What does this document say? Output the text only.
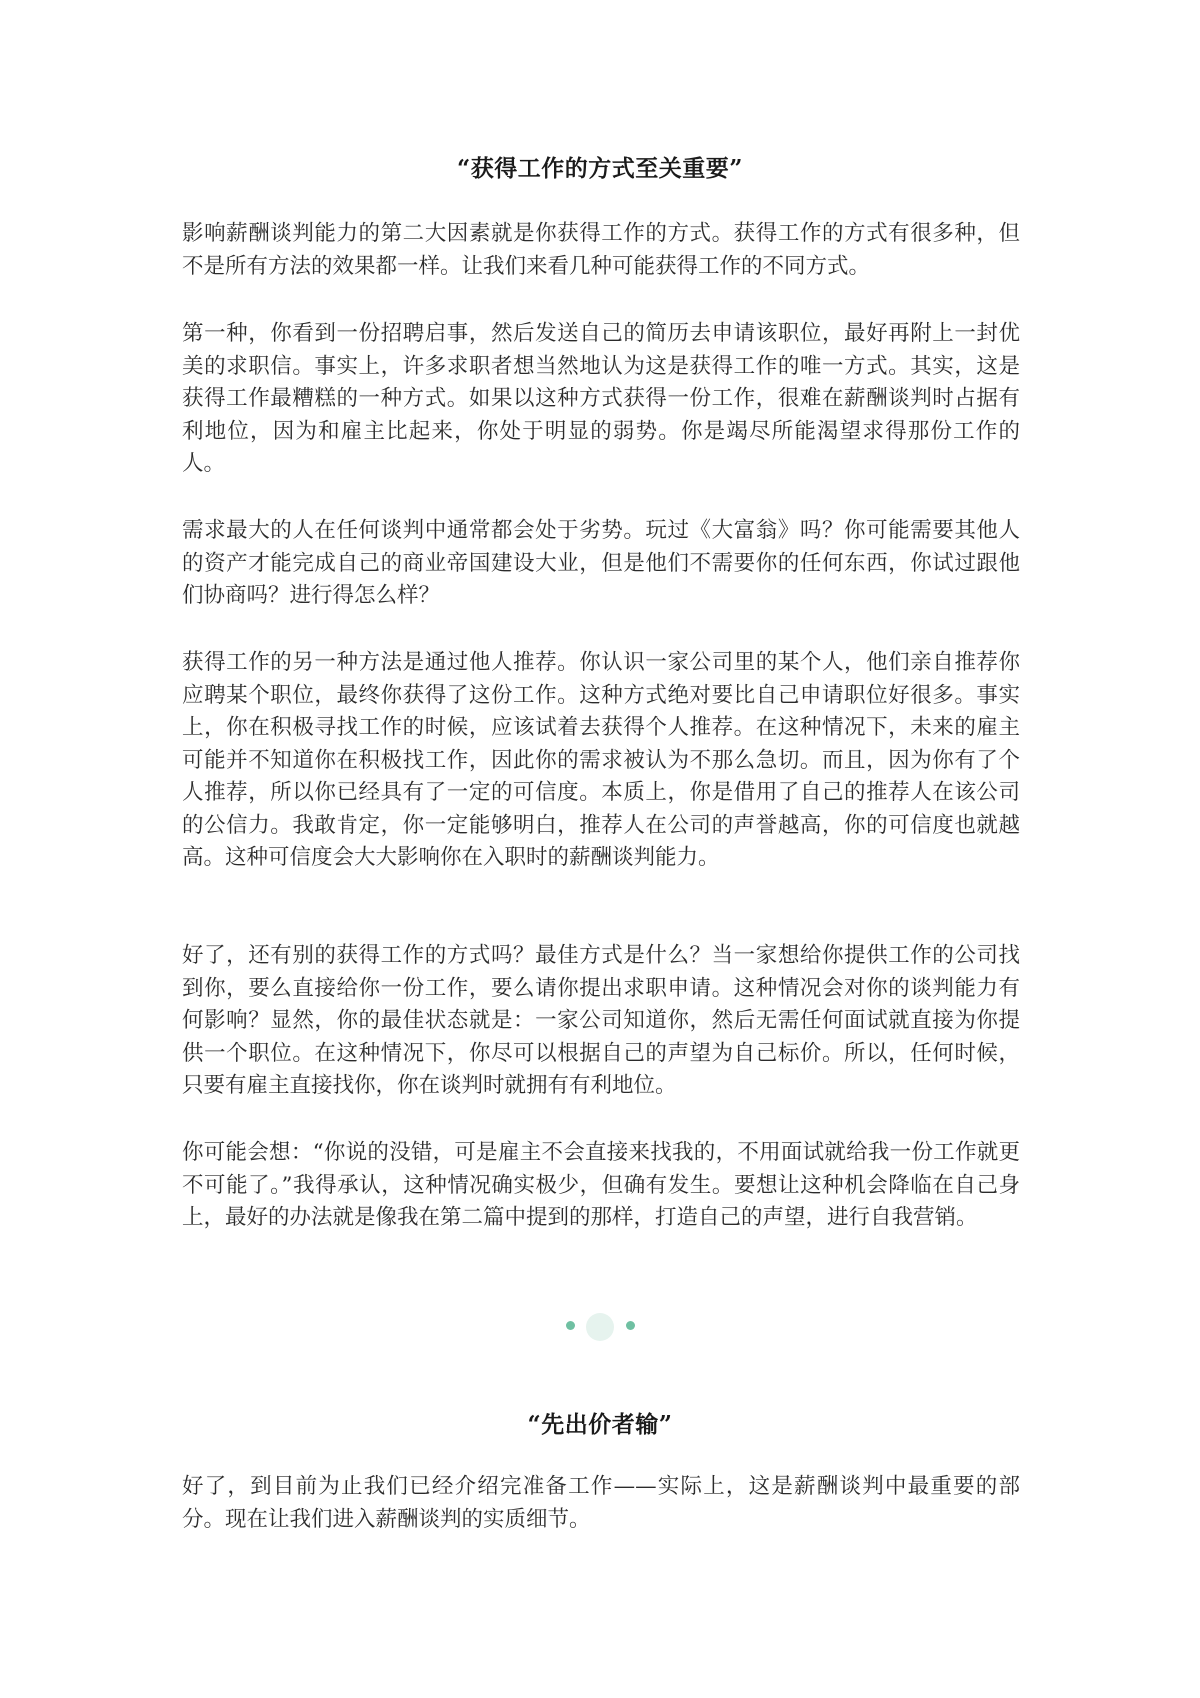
“获得工作的方式至关重要”

影响薪酬谈判能力的第二大因素就是你获得工作的方式。获得工作的方式有很多种，但不是所有方法的效果都一样。让我们来看几种可能获得工作的不同方式。

第一种，你看到一份招聘启事，然后发送自己的简历去申请该职位，最好再附上一封优美的求职信。事实上，许多求职者想当然地认为这是获得工作的唯一方式。其实，这是获得工作最糟糕的一种方式。如果以这种方式获得一份工作，很难在薪酬谈判时占据有利地位，因为和雇主比起来，你处于明显的弱势。你是竭尽所能渴望求得那份工作的人。

需求最大的人在任何谈判中通常都会处于劣势。玩过《大富翁》吗？你可能需要其他人的资产才能完成自己的商业帝国建设大业，但是他们不需要你的任何东西，你试过跟他们协商吗？进行得怎么样？

获得工作的另一种方法是通过他人推荐。你认识一家公司里的某个人，他们亲自推荐你应聘某个职位，最终你获得了这份工作。这种方式绝对要比自己申请职位好很多。事实上，你在积极寻找工作的时候，应该试着去获得个人推荐。在这种情况下，未来的雇主可能并不知道你在积极找工作，因此你的需求被认为不那么急切。而且，因为你有了个人推荐，所以你已经具有了一定的可信度。本质上，你是借用了自己的推荐人在该公司的公信力。我敢肯定，你一定能够明白，推荐人在公司的声誉越高，你的可信度也就越高。这种可信度会大大影响你在入职时的薪酬谈判能力。

好了，还有别的获得工作的方式吗？最佳方式是什么？当一家想给你提供工作的公司找到你，要么直接给你一份工作，要么请你提出求职申请。这种情况会对你的谈判能力有何影响？显然，你的最佳状态就是：一家公司知道你，然后无需任何面试就直接为你提供一个职位。在这种情况下，你尽可以根据自己的声望为自己标价。所以，任何时候，只要有雇主直接找你，你在谈判时就拥有有利地位。

你可能会想：“你说的没错，可是雇主不会直接来找我的，不用面试就给我一份工作就更不可能了。”我得承认，这种情况确实极少，但确有发生。要想让这种机会降临在自己身上，最好的办法就是像我在第二篇中提到的那样，打造自己的声望，进行自我营销。

“先出价者输”

好了，到目前为止我们已经介绍完准备工作——实际上，这是薪酬谈判中最重要的部分。现在让我们进入薪酬谈判的实质细节。
